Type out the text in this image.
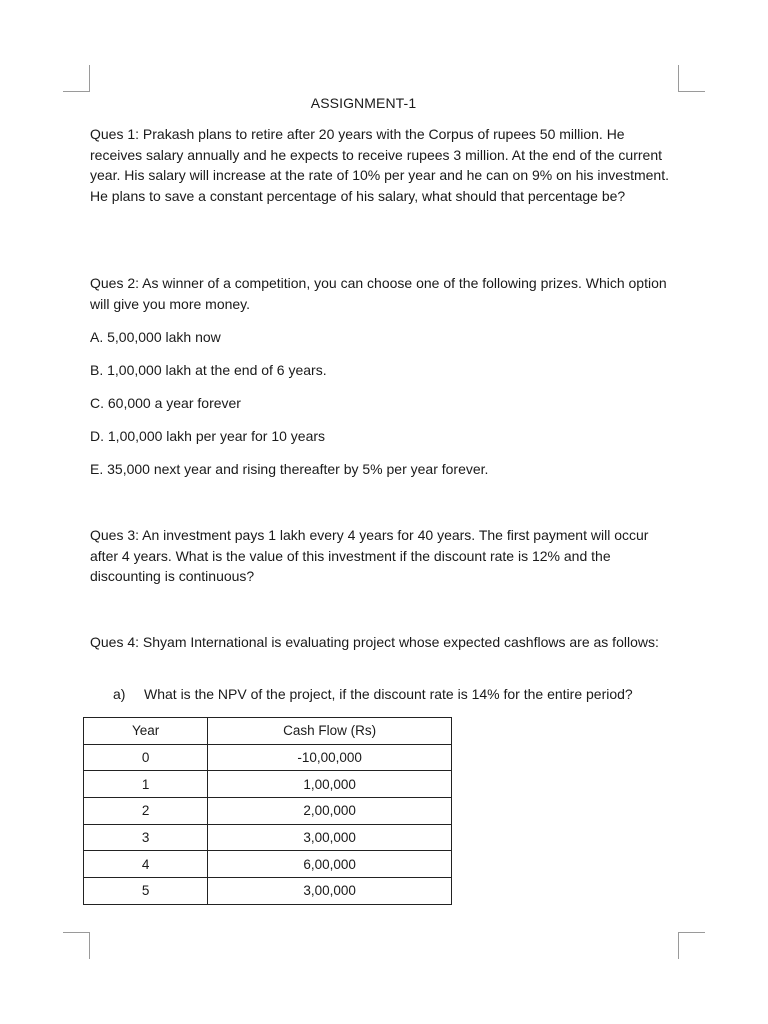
ASSIGNMENT-1

Ques 1: Prakash plans to retire after 20 years with the Corpus of rupees 50 million. He receives salary annually and he expects to receive rupees 3 million. At the end of the current year. His salary will increase at the rate of 10% per year and he can on 9% on his investment. He plans to save a constant percentage of his salary, what should that percentage be?

Ques 2: As winner of a competition, you can choose one of the following prizes. Which option will give you more money.

A. 5,00,000 lakh now
B. 1,00,000 lakh at the end of 6 years.
C. 60,000 a year forever
D. 1,00,000 lakh per year for 10 years
E. 35,000 next year and rising thereafter by 5% per year forever.

Ques 3: An investment pays 1 lakh every 4 years for 40 years. The first payment will occur after 4 years. What is the value of this investment if the discount rate is 12% and the discounting is continuous?

Ques 4: Shyam International is evaluating project whose expected cashflows are as follows:

a) What is the NPV of the project, if the discount rate is 14% for the entire period?
Year	Cash Flow (Rs)
0	-10,00,000
1	1,00,000
2	2,00,000
3	3,00,000
4	6,00,000
5	3,00,000
